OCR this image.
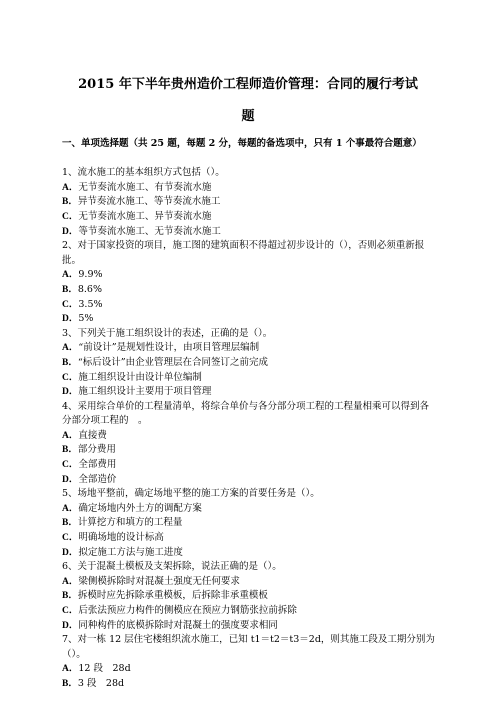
2015 年下半年贵州造价工程师造价管理：合同的履行考试
题
一、单项选择题（共 25 题，每题 2 分，每题的备选项中，只有 1 个事最符合题意）

1、流水施工的基本组织方式包括（）。

A．无节奏流水施工、有节奏流水施

B．异节奏流水施工、等节奏流水施工

C．无节奏流水施工、异节奏流水施

D．等节奏流水施工、无节奏流水施工

2、对于国家投资的项目，施工图的建筑面积不得超过初步设计的（），否则必须重新报批。

A．9.9%

B．8.6%

C．3.5%

D．5%

3、下列关于施工组织设计的表述，正确的是（）。

A．“前设计”是规划性设计，由项目管理层编制

B．“标后设计”由企业管理层在合同签订之前完成

C．施工组织设计由设计单位编制

D．施工组织设计主要用于项目管理

4、采用综合单价的工程量清单，将综合单价与各分部分项工程的工程量相乘可以得到各分部分项工程的　。

A．直接费

B．部分费用

C．全部费用

D．全部造价

5、场地平整前，确定场地平整的施工方案的首要任务是（）。

A．确定场地内外土方的调配方案

B．计算挖方和填方的工程量

C．明确场地的设计标高

D．拟定施工方法与施工进度

6、关于混凝土模板及支架拆除，说法正确的是（）。

A．梁侧模拆除时对混凝土强度无任何要求

B．拆模时应先拆除承重模板，后拆除非承重模板

C．后张法预应力构件的侧模应在预应力钢筋张拉前拆除

D．同种构件的底模拆除时对混凝土的强度要求相同

7、对一栋 12 层住宅楼组织流水施工，已知 t1＝t2＝t3＝2d，则其施工段及工期分别为（）。

A．12 段　28d

B．3 段　28d
